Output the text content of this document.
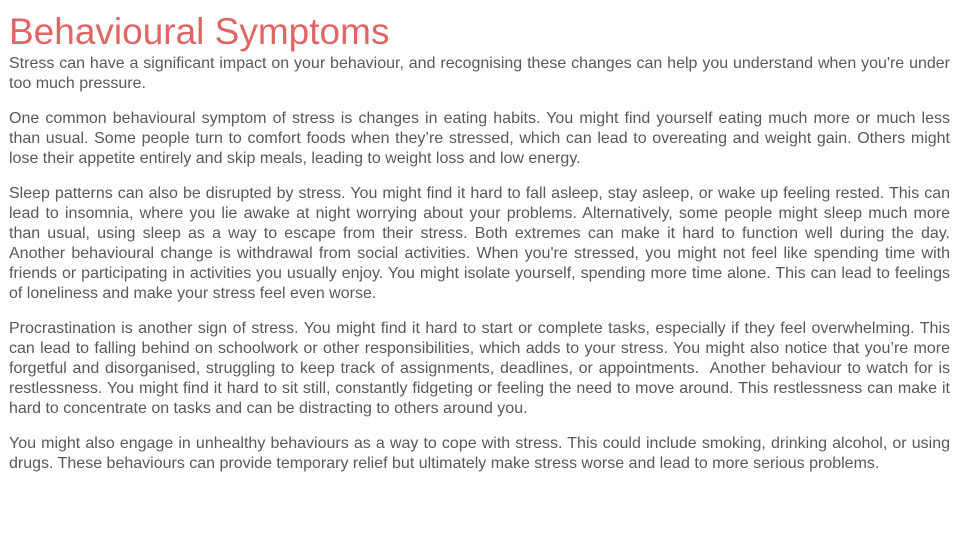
Behavioural Symptoms

Stress can have a significant impact on your behaviour, and recognising these changes can help you understand when you're under too much pressure.

One common behavioural symptom of stress is changes in eating habits. You might find yourself eating much more or much less than usual. Some people turn to comfort foods when they’re stressed, which can lead to overeating and weight gain. Others might lose their appetite entirely and skip meals, leading to weight loss and low energy.

Sleep patterns can also be disrupted by stress. You might find it hard to fall asleep, stay asleep, or wake up feeling rested. This can lead to insomnia, where you lie awake at night worrying about your problems. Alternatively, some people might sleep much more than usual, using sleep as a way to escape from their stress. Both extremes can make it hard to function well during the day.  Another behavioural change is withdrawal from social activities. When you're stressed, you might not feel like spending time with friends or participating in activities you usually enjoy. You might isolate yourself, spending more time alone. This can lead to feelings of loneliness and make your stress feel even worse.

Procrastination is another sign of stress. You might find it hard to start or complete tasks, especially if they feel overwhelming. This can lead to falling behind on schoolwork or other responsibilities, which adds to your stress. You might also notice that you’re more forgetful and disorganised, struggling to keep track of assignments, deadlines, or appointments.  Another behaviour to watch for is restlessness. You might find it hard to sit still, constantly fidgeting or feeling the need to move around. This restlessness can make it hard to concentrate on tasks and can be distracting to others around you.

You might also engage in unhealthy behaviours as a way to cope with stress. This could include smoking, drinking alcohol, or using drugs. These behaviours can provide temporary relief but ultimately make stress worse and lead to more serious problems.
